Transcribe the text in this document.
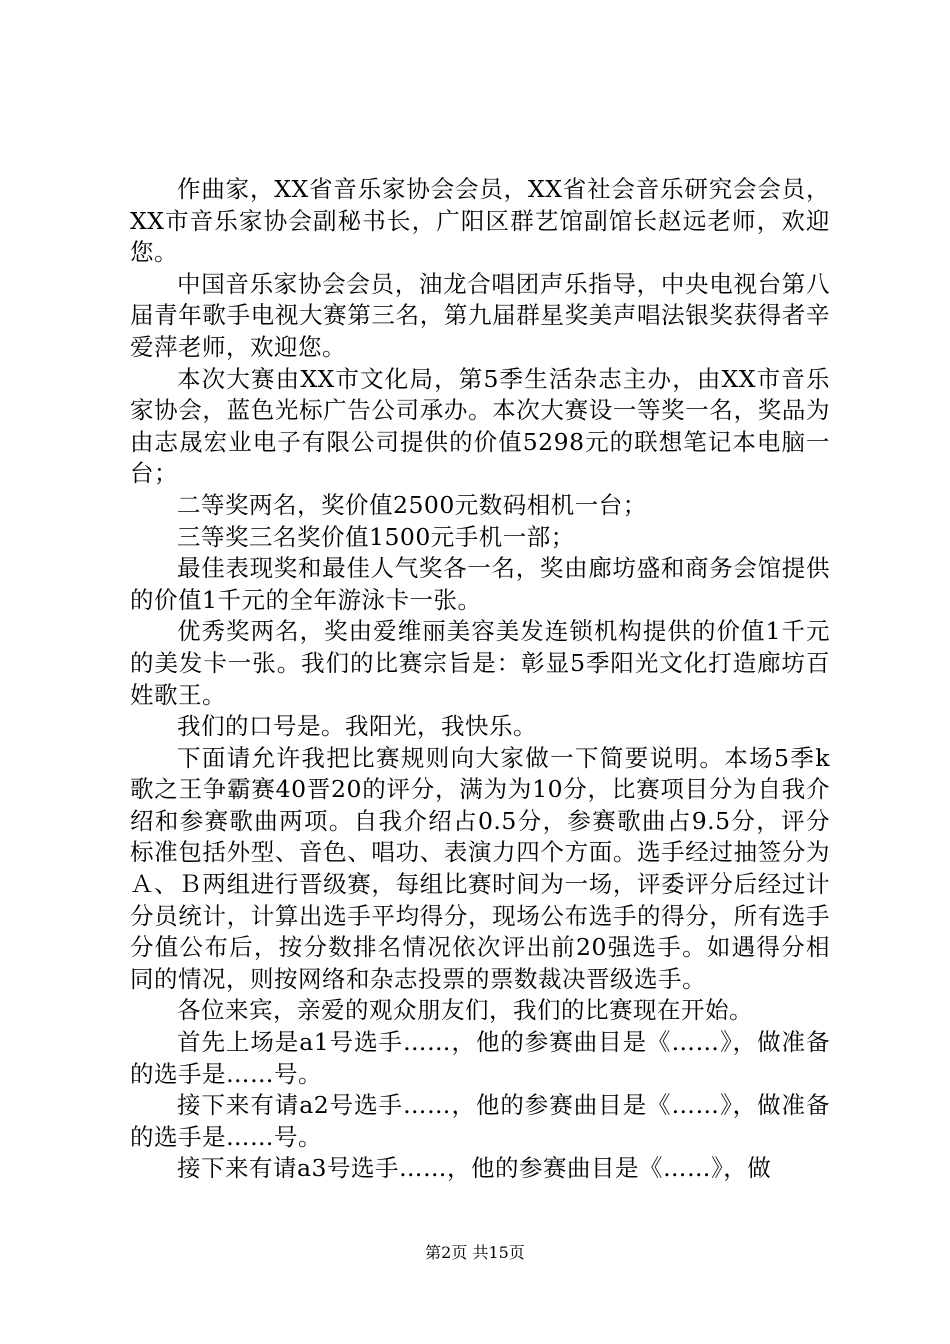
作曲家，XX省音乐家协会会员，XX省社会音乐研究会会员，XX市音乐家协会副秘书长，广阳区群艺馆副馆长赵远老师，欢迎您。

中国音乐家协会会员，油龙合唱团声乐指导，中央电视台第八届青年歌手电视大赛第三名，第九届群星奖美声唱法银奖获得者辛爱萍老师，欢迎您。

本次大赛由XX市文化局，第5季生活杂志主办，由XX市音乐家协会，蓝色光标广告公司承办。本次大赛设一等奖一名，奖品为由志晟宏业电子有限公司提供的价值5298元的联想笔记本电脑一台；

二等奖两名，奖价值2500元数码相机一台；

三等奖三名奖价值1500元手机一部；

最佳表现奖和最佳人气奖各一名，奖由廊坊盛和商务会馆提供的价值1千元的全年游泳卡一张。

优秀奖两名，奖由爱维丽美容美发连锁机构提供的价值1千元的美发卡一张。我们的比赛宗旨是：彰显5季阳光文化打造廊坊百姓歌王。

我们的口号是。我阳光，我快乐。

下面请允许我把比赛规则向大家做一下简要说明。本场5季k歌之王争霸赛40晋20的评分，满为为10分，比赛项目分为自我介绍和参赛歌曲两项。自我介绍占0.5分，参赛歌曲占9.5分，评分标准包括外型、音色、唱功、表演力四个方面。选手经过抽签分为Ａ、Ｂ两组进行晋级赛，每组比赛时间为一场，评委评分后经过计分员统计，计算出选手平均得分，现场公布选手的得分，所有选手分值公布后，按分数排名情况依次评出前20强选手。如遇得分相同的情况，则按网络和杂志投票的票数裁决晋级选手。

各位来宾，亲爱的观众朋友们，我们的比赛现在开始。

首先上场是a1号选手……，他的参赛曲目是《……》，做准备的选手是……号。

接下来有请a2号选手……，他的参赛曲目是《……》，做准备的选手是……号。

接下来有请a3号选手……，他的参赛曲目是《……》，做

第2页 共15页
